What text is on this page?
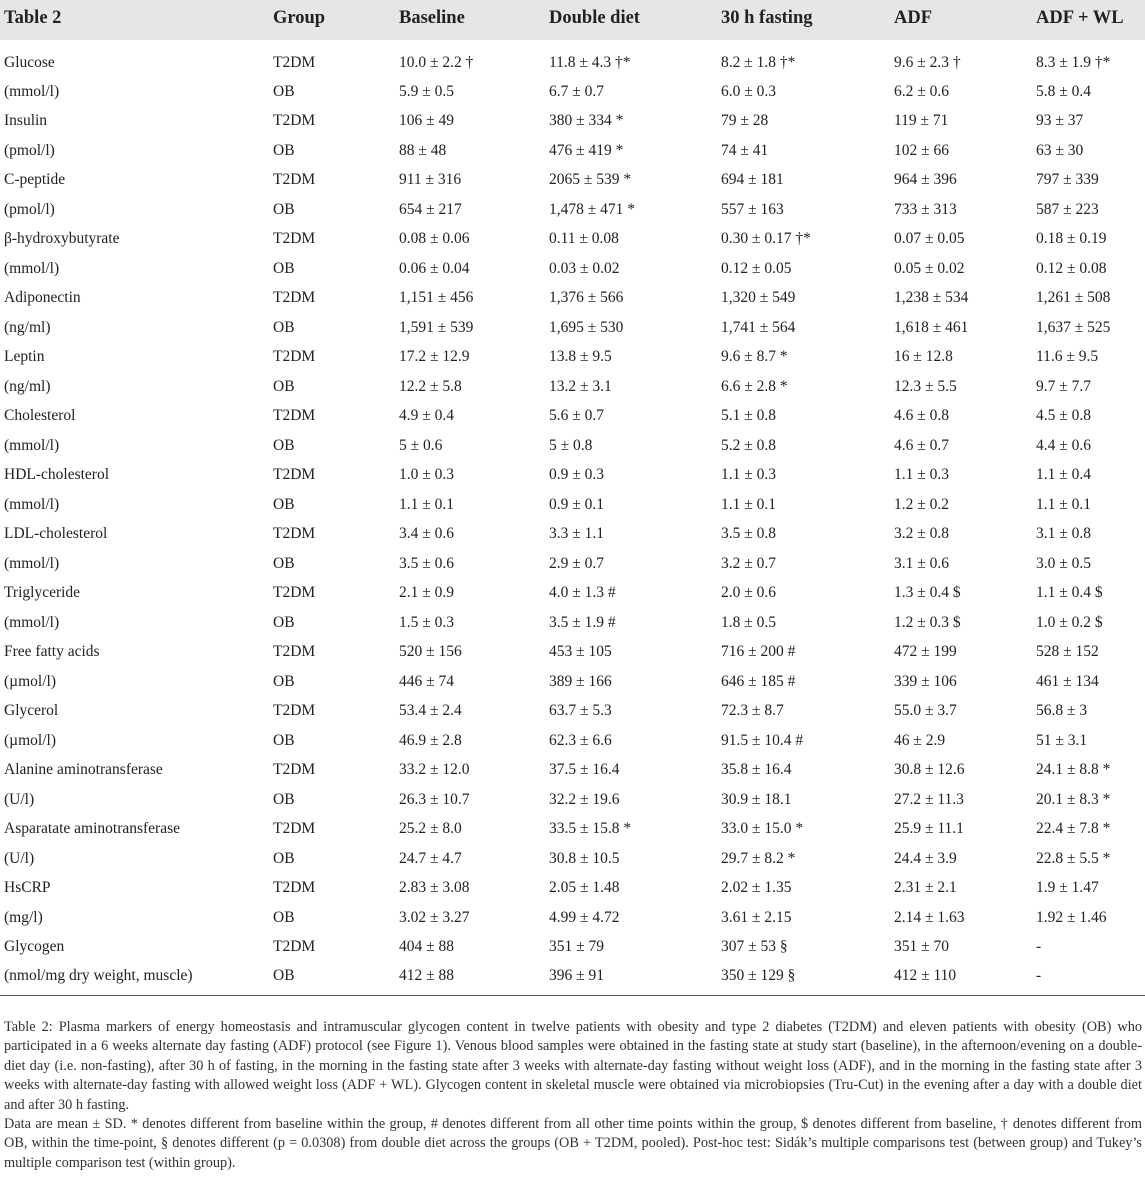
Table 2	Group	Baseline	Double diet	30 h fasting	ADF	ADF + WL
Glucose	T2DM	10.0 ± 2.2 †	11.8 ± 4.3 †*	8.2 ± 1.8 †*	9.6 ± 2.3 †	8.3 ± 1.9 †*
(mmol/l)	OB	5.9 ± 0.5	6.7 ± 0.7	6.0 ± 0.3	6.2 ± 0.6	5.8 ± 0.4
Insulin	T2DM	106 ± 49	380 ± 334 *	79 ± 28	119 ± 71	93 ± 37
(pmol/l)	OB	88 ± 48	476 ± 419 *	74 ± 41	102 ± 66	63 ± 30
C-peptide	T2DM	911 ± 316	2065 ± 539 *	694 ± 181	964 ± 396	797 ± 339
(pmol/l)	OB	654 ± 217	1,478 ± 471 *	557 ± 163	733 ± 313	587 ± 223
β-hydroxybutyrate	T2DM	0.08 ± 0.06	0.11 ± 0.08	0.30 ± 0.17 †*	0.07 ± 0.05	0.18 ± 0.19
(mmol/l)	OB	0.06 ± 0.04	0.03 ± 0.02	0.12 ± 0.05	0.05 ± 0.02	0.12 ± 0.08
Adiponectin	T2DM	1,151 ± 456	1,376 ± 566	1,320 ± 549	1,238 ± 534	1,261 ± 508
(ng/ml)	OB	1,591 ± 539	1,695 ± 530	1,741 ± 564	1,618 ± 461	1,637 ± 525
Leptin	T2DM	17.2 ± 12.9	13.8 ± 9.5	9.6 ± 8.7 *	16 ± 12.8	11.6 ± 9.5
(ng/ml)	OB	12.2 ± 5.8	13.2 ± 3.1	6.6 ± 2.8 *	12.3 ± 5.5	9.7 ± 7.7
Cholesterol	T2DM	4.9 ± 0.4	5.6 ± 0.7	5.1 ± 0.8	4.6 ± 0.8	4.5 ± 0.8
(mmol/l)	OB	5 ± 0.6	5 ± 0.8	5.2 ± 0.8	4.6 ± 0.7	4.4 ± 0.6
HDL-cholesterol	T2DM	1.0 ± 0.3	0.9 ± 0.3	1.1 ± 0.3	1.1 ± 0.3	1.1 ± 0.4
(mmol/l)	OB	1.1 ± 0.1	0.9 ± 0.1	1.1 ± 0.1	1.2 ± 0.2	1.1 ± 0.1
LDL-cholesterol	T2DM	3.4 ± 0.6	3.3 ± 1.1	3.5 ± 0.8	3.2 ± 0.8	3.1 ± 0.8
(mmol/l)	OB	3.5 ± 0.6	2.9 ± 0.7	3.2 ± 0.7	3.1 ± 0.6	3.0 ± 0.5
Triglyceride	T2DM	2.1 ± 0.9	4.0 ± 1.3 #	2.0 ± 0.6	1.3 ± 0.4 $	1.1 ± 0.4 $
(mmol/l)	OB	1.5 ± 0.3	3.5 ± 1.9 #	1.8 ± 0.5	1.2 ± 0.3 $	1.0 ± 0.2 $
Free fatty acids	T2DM	520 ± 156	453 ± 105	716 ± 200 #	472 ± 199	528 ± 152
(µmol/l)	OB	446 ± 74	389 ± 166	646 ± 185 #	339 ± 106	461 ± 134
Glycerol	T2DM	53.4 ± 2.4	63.7 ± 5.3	72.3 ± 8.7	55.0 ± 3.7	56.8 ± 3
(µmol/l)	OB	46.9 ± 2.8	62.3 ± 6.6	91.5 ± 10.4 #	46 ± 2.9	51 ± 3.1
Alanine aminotransferase	T2DM	33.2 ± 12.0	37.5 ± 16.4	35.8 ± 16.4	30.8 ± 12.6	24.1 ± 8.8 *
(U/l)	OB	26.3 ± 10.7	32.2 ± 19.6	30.9 ± 18.1	27.2 ± 11.3	20.1 ± 8.3 *
Asparatate aminotransferase	T2DM	25.2 ± 8.0	33.5 ± 15.8 *	33.0 ± 15.0 *	25.9 ± 11.1	22.4 ± 7.8 *
(U/l)	OB	24.7 ± 4.7	30.8 ± 10.5	29.7 ± 8.2 *	24.4 ± 3.9	22.8 ± 5.5 *
HsCRP	T2DM	2.83 ± 3.08	2.05 ± 1.48	2.02 ± 1.35	2.31 ± 2.1	1.9 ± 1.47
(mg/l)	OB	3.02 ± 3.27	4.99 ± 4.72	3.61 ± 2.15	2.14 ± 1.63	1.92 ± 1.46
Glycogen	T2DM	404 ± 88	351 ± 79	307 ± 53 §	351 ± 70	-
(nmol/mg dry weight, muscle)	OB	412 ± 88	396 ± 91	350 ± 129 §	412 ± 110	-

Table 2: Plasma markers of energy homeostasis and intramuscular glycogen content in twelve patients with obesity and type 2 diabetes (T2DM) and eleven patients with obesity (OB) who participated in a 6 weeks alternate day fasting (ADF) protocol (see Figure 1). Venous blood samples were obtained in the fasting state at study start (baseline), in the afternoon/evening on a double-diet day (i.e. non-fasting), after 30 h of fasting, in the morning in the fasting state after 3 weeks with alternate-day fasting without weight loss (ADF), and in the morning in the fasting state after 3 weeks with alternate-day fasting with allowed weight loss (ADF + WL). Glycogen content in skeletal muscle were obtained via microbiopsies (Tru-Cut) in the evening after a day with a double diet and after 30 h fasting.

Data are mean ± SD. * denotes different from baseline within the group, # denotes different from all other time points within the group, $ denotes different from baseline, † denotes different from OB, within the time-point, § denotes different (p = 0.0308) from double diet across the groups (OB + T2DM, pooled). Post-hoc test: Sidák’s multiple comparisons test (between group) and Tukey’s multiple comparison test (within group).
